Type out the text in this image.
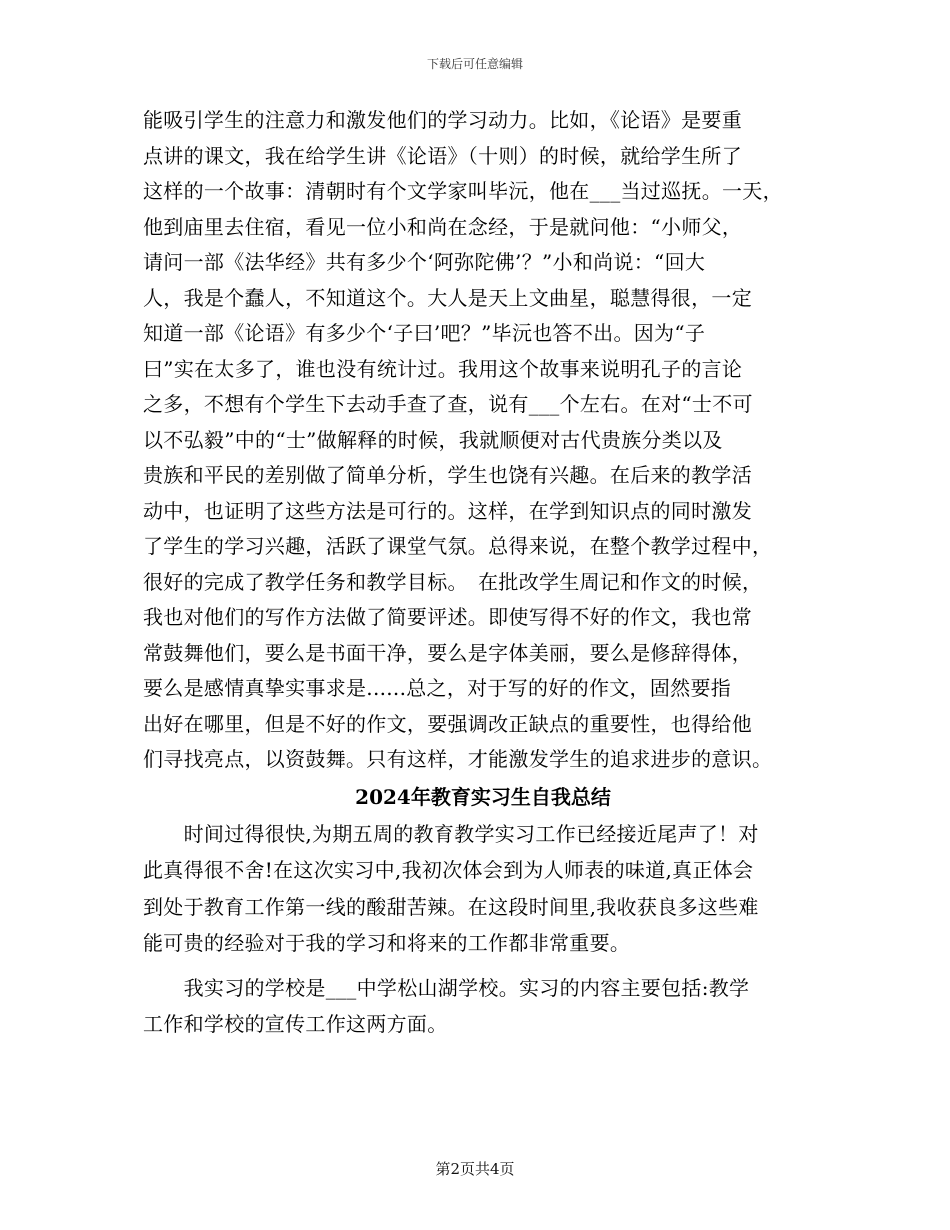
下载后可任意编辑
能吸引学生的注意力和激发他们的学习动力。比如，《论语》是要重
点讲的课文，我在给学生讲《论语》（十则）的时候，就给学生所了
这样的一个故事：清朝时有个文学家叫毕沅，他在___当过巡抚。一天，
他到庙里去住宿，看见一位小和尚在念经，于是就问他：“小师父，
请问一部《法华经》共有多少个‘阿弥陀佛’？”小和尚说：“回大
人，我是个蠢人，不知道这个。大人是天上文曲星，聪慧得很，一定
知道一部《论语》有多少个‘子曰’吧？”毕沅也答不出。因为“子
曰”实在太多了，谁也没有统计过。我用这个故事来说明孔子的言论
之多，不想有个学生下去动手查了查，说有___个左右。在对“士不可
以不弘毅”中的“士”做解释的时候，我就顺便对古代贵族分类以及
贵族和平民的差别做了简单分析，学生也饶有兴趣。在后来的教学活
动中，也证明了这些方法是可行的。这样，在学到知识点的同时激发
了学生的学习兴趣，活跃了课堂气氛。总得来说，在整个教学过程中，
很好的完成了教学任务和教学目标。　在批改学生周记和作文的时候，
我也对他们的写作方法做了简要评述。即使写得不好的作文，我也常
常鼓舞他们，要么是书面干净，要么是字体美丽，要么是修辞得体，
要么是感情真挚实事求是......总之，对于写的好的作文，固然要指
出好在哪里，但是不好的作文，要强调改正缺点的重要性，也得给他
们寻找亮点，以资鼓舞。只有这样，才能激发学生的追求进步的意识。
2024年教育实习生自我总结
　　时间过得很快,为期五周的教育教学实习工作已经接近尾声了！对
此真得很不舍!在这次实习中,我初次体会到为人师表的味道,真正体会
到处于教育工作第一线的酸甜苦辣。在这段时间里,我收获良多这些难
能可贵的经验对于我的学习和将来的工作都非常重要。
　　我实习的学校是___中学松山湖学校。实习的内容主要包括:教学
工作和学校的宣传工作这两方面。
第2页共4页
